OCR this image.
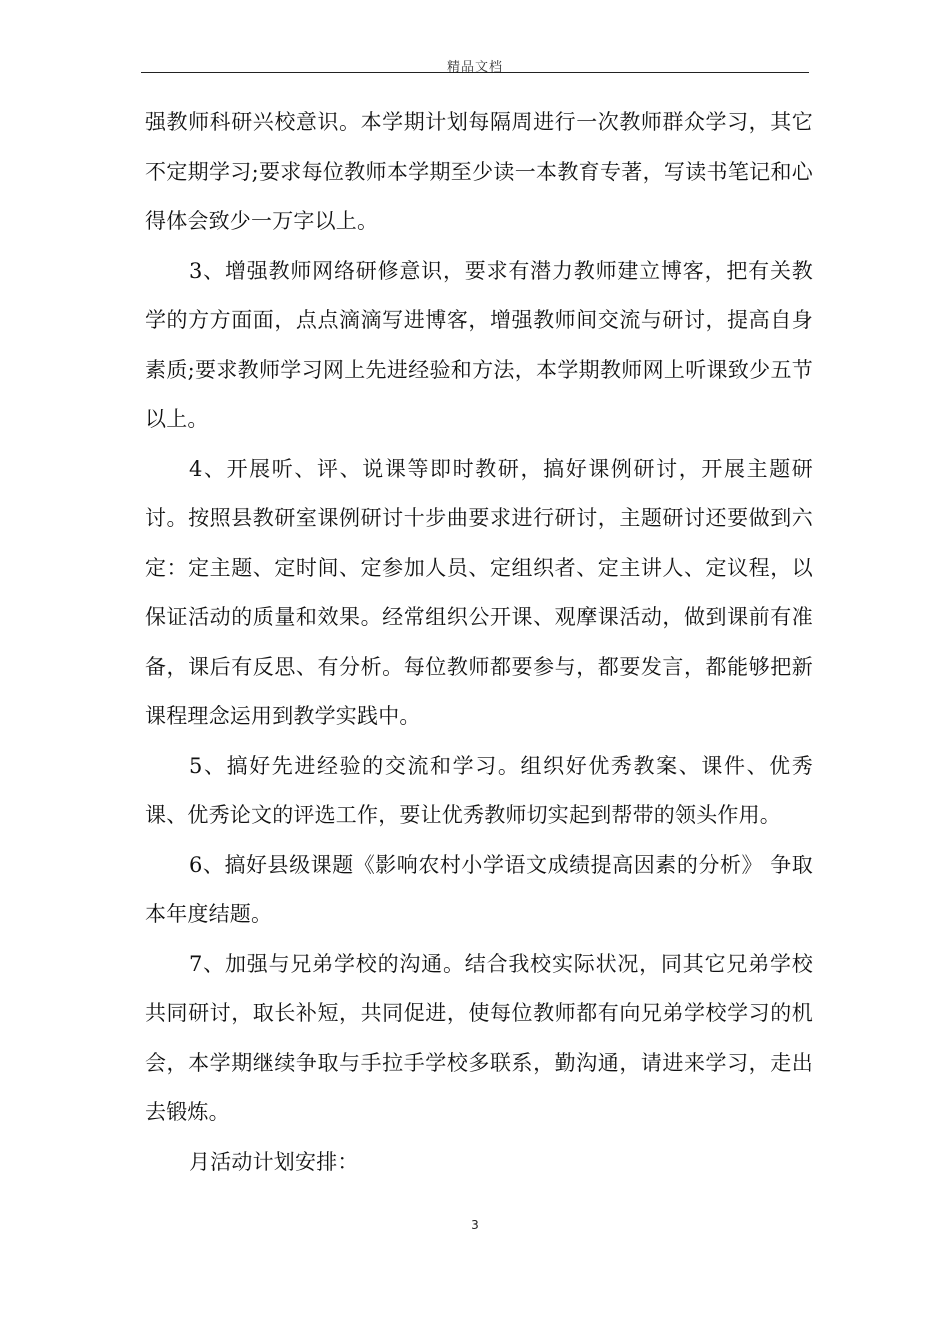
精品文档

强教师科研兴校意识。本学期计划每隔周进行一次教师群众学习，其它不定期学习;要求每位教师本学期至少读一本教育专著，写读书笔记和心得体会致少一万字以上。

3、增强教师网络研修意识，要求有潜力教师建立博客，把有关教学的方方面面，点点滴滴写进博客，增强教师间交流与研讨，提高自身素质;要求教师学习网上先进经验和方法，本学期教师网上听课致少五节以上。

4、开展听、评、说课等即时教研，搞好课例研讨，开展主题研讨。按照县教研室课例研讨十步曲要求进行研讨，主题研讨还要做到六定：定主题、定时间、定参加人员、定组织者、定主讲人、定议程，以保证活动的质量和效果。经常组织公开课、观摩课活动，做到课前有准备，课后有反思、有分析。每位教师都要参与，都要发言，都能够把新课程理念运用到教学实践中。

5、搞好先进经验的交流和学习。组织好优秀教案、课件、优秀课、优秀论文的评选工作，要让优秀教师切实起到帮带的领头作用。

6、搞好县级课题《影响农村小学语文成绩提高因素的分析》 争取本年度结题。

7、加强与兄弟学校的沟通。结合我校实际状况，同其它兄弟学校共同研讨，取长补短，共同促进，使每位教师都有向兄弟学校学习的机会，本学期继续争取与手拉手学校多联系，勤沟通，请进来学习，走出去锻炼。

月活动计划安排：

3
